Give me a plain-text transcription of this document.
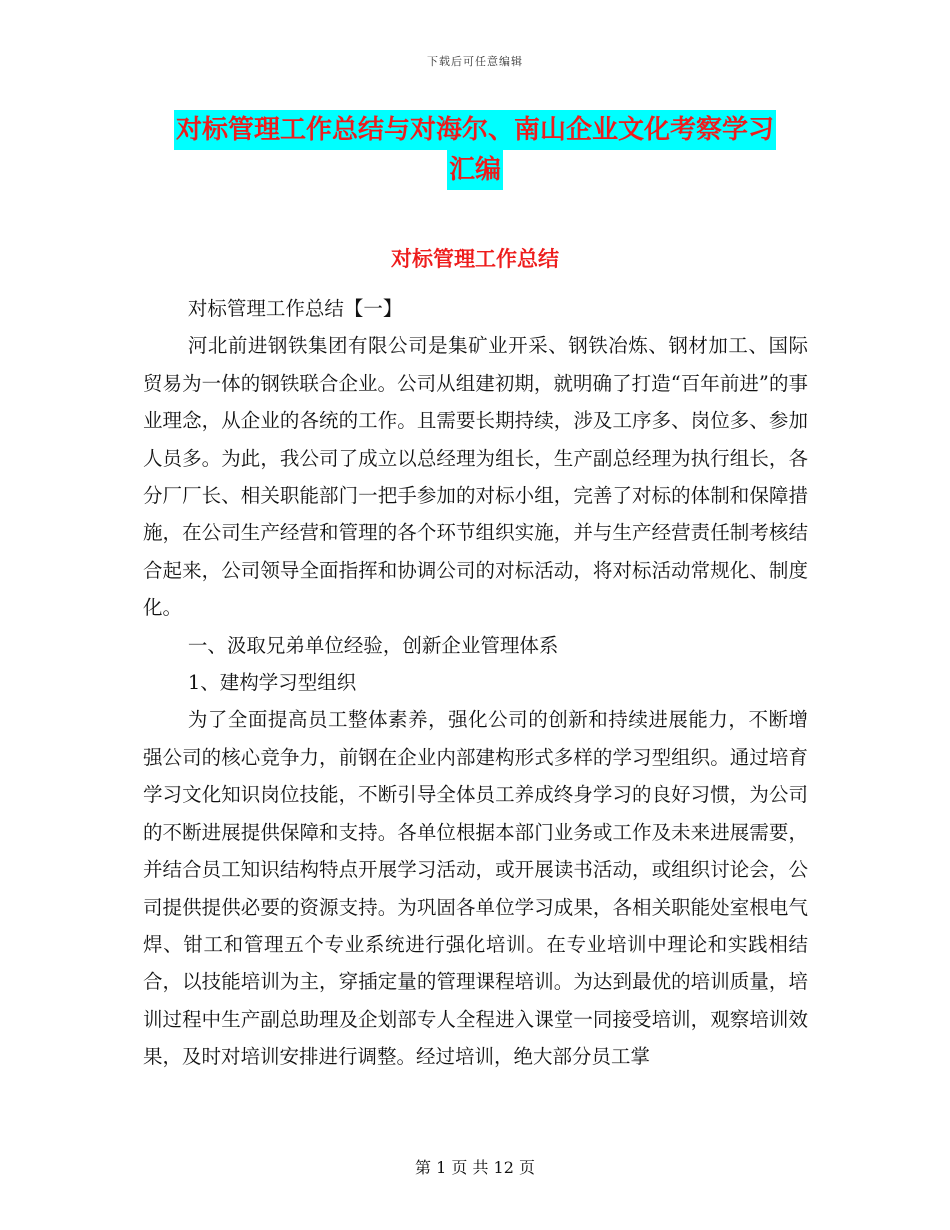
下载后可任意编辑
对标管理工作总结与对海尔、南山企业文化考察学习
汇编
对标管理工作总结

对标管理工作总结【一】

河北前进钢铁集团有限公司是集矿业开采、钢铁冶炼、钢材加工、国际贸易为一体的钢铁联合企业。公司从组建初期，就明确了打造“百年前进”的事业理念，从企业的各统的工作。且需要长期持续，涉及工序多、岗位多、参加人员多。为此，我公司了成立以总经理为组长，生产副总经理为执行组长，各分厂厂长、相关职能部门一把手参加的对标小组，完善了对标的体制和保障措施，在公司生产经营和管理的各个环节组织实施，并与生产经营责任制考核结合起来，公司领导全面指挥和协调公司的对标活动，将对标活动常规化、制度化。

一、汲取兄弟单位经验，创新企业管理体系

1、建构学习型组织

为了全面提高员工整体素养，强化公司的创新和持续进展能力，不断增强公司的核心竞争力，前钢在企业内部建构形式多样的学习型组织。通过培育学习文化知识岗位技能，不断引导全体员工养成终身学习的良好习惯，为公司的不断进展提供保障和支持。各单位根据本部门业务或工作及未来进展需要，并结合员工知识结构特点开展学习活动，或开展读书活动，或组织讨论会，公司提供提供必要的资源支持。为巩固各单位学习成果，各相关职能处室根电气焊、钳工和管理五个专业系统进行强化培训。在专业培训中理论和实践相结合，以技能培训为主，穿插定量的管理课程培训。为达到最优的培训质量，培训过程中生产副总助理及企划部专人全程进入课堂一同接受培训，观察培训效果，及时对培训安排进行调整。经过培训，绝大部分员工掌

第 1 页 共 12 页
